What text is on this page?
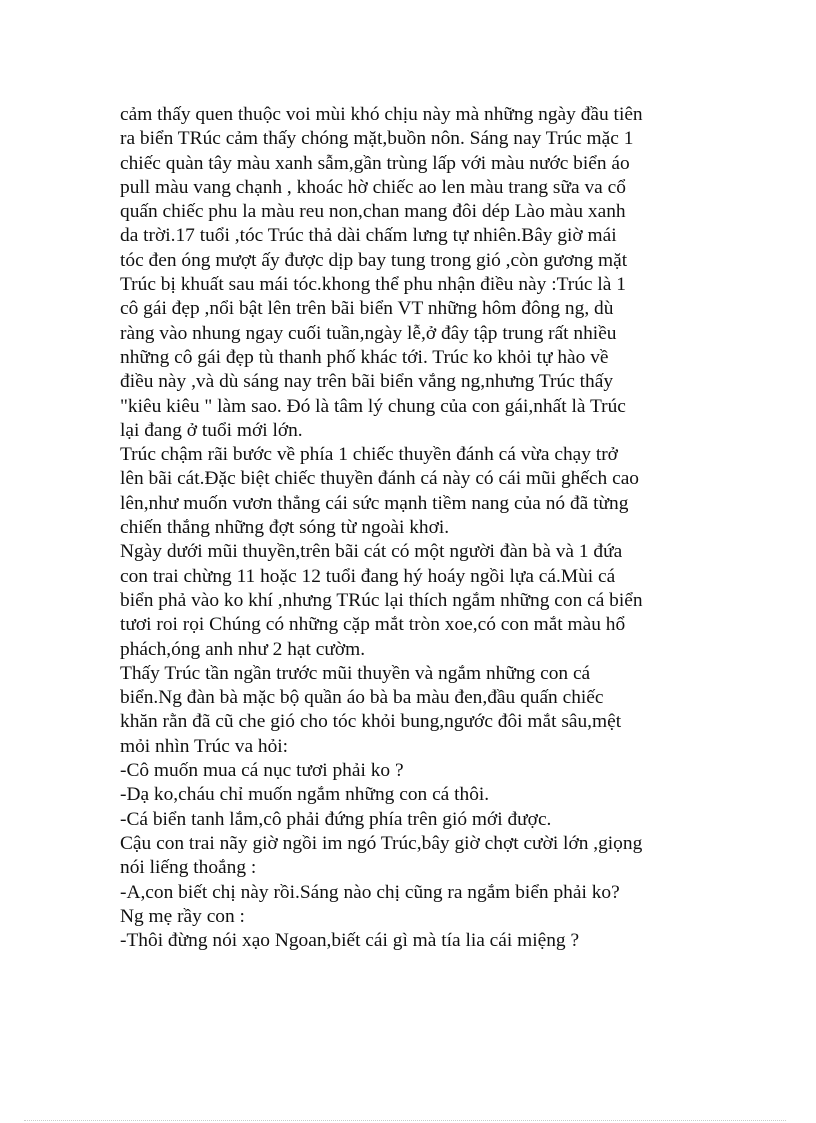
cảm thấy quen thuộc voi mùi khó chịu này mà những ngày đầu tiên
ra biển TRúc cảm thấy chóng mặt,buồn nôn. Sáng nay Trúc mặc 1
chiếc quàn tây màu xanh sẫm,gần trùng lấp với màu nước biển áo
pull màu vang chạnh , khoác hờ chiếc ao len màu trang sữa va cổ
quấn chiếc phu la màu reu non,chan mang đôi dép Lào màu xanh
da trời.17 tuổi ,tóc Trúc thả dài chấm lưng tự nhiên.Bây giờ mái
tóc đen óng mượt ấy được dịp bay tung trong gió ,còn gương mặt
Trúc bị khuất sau mái tóc.khong thể phu nhận điều này :Trúc là 1
cô gái đẹp ,nổi bật lên trên bãi biển VT những hôm đông ng, dù
ràng vào nhung ngay cuối tuần,ngày lễ,ở đây tập trung rất nhiều
những cô gái đẹp tù thanh phố khác tới. Trúc ko khỏi tự hào về
điều này ,và dù sáng nay trên bãi biển vắng ng,nhưng Trúc thấy
"kiêu kiêu " làm sao. Đó là tâm lý chung của con gái,nhất là Trúc
lại đang ở tuổi mới lớn.
Trúc chậm rãi bước về phía 1 chiếc thuyền đánh cá vừa chạy trở
lên bãi cát.Đặc biệt chiếc thuyền đánh cá này có cái mũi ghếch cao
lên,như muốn vươn thẳng cái sức mạnh tiềm nang của nó đã từng
chiến thắng những đợt sóng từ ngoài khơi.
Ngày dưới mũi thuyền,trên bãi cát có một người đàn bà và 1 đứa
con trai chừng 11 hoặc 12 tuổi đang hý hoáy ngồi lựa cá.Mùi cá
biển phả vào ko khí ,nhưng TRúc lại thích ngắm những con cá biển
tươi roi rọi Chúng có những cặp mắt tròn xoe,có con mắt màu hổ
phách,óng anh như 2 hạt cườm.
Thấy Trúc tần ngần trước mũi thuyền và ngắm những con cá
biển.Ng đàn bà mặc bộ quần áo bà ba màu đen,đầu quấn chiếc
khăn rằn đã cũ che gió cho tóc khỏi bung,ngước đôi mắt sâu,mệt
mỏi nhìn Trúc va hỏi:
-Cô muốn mua cá nục tươi phải ko ?
-Dạ ko,cháu chỉ muốn ngắm những con cá thôi.
-Cá biển tanh lắm,cô phải đứng phía trên gió mới được.
Cậu con trai nãy giờ ngồi im ngó Trúc,bây giờ chợt cười lớn ,giọng
nói liếng thoắng :
-A,con biết chị này rồi.Sáng nào chị cũng ra ngắm biển phải ko?
Ng mẹ rầy con :
-Thôi đừng nói xạo Ngoan,biết cái gì mà tía lia cái miệng ?
